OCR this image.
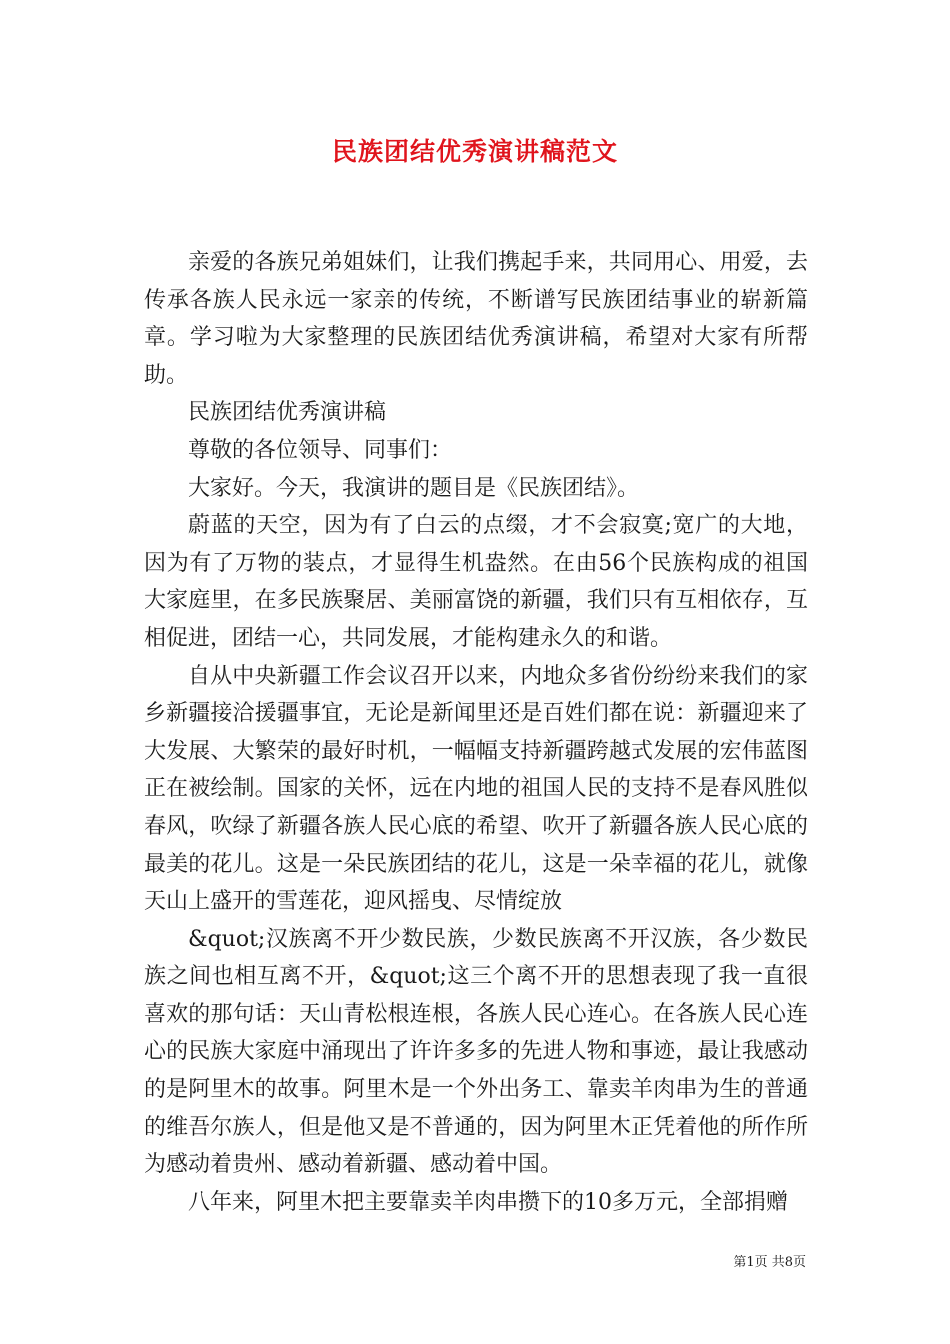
民族团结优秀演讲稿范文

亲爱的各族兄弟姐妹们，让我们携起手来，共同用心、用爱，去传承各族人民永远一家亲的传统，不断谱写民族团结事业的崭新篇章。学习啦为大家整理的民族团结优秀演讲稿，希望对大家有所帮助。

民族团结优秀演讲稿

尊敬的各位领导、同事们：

大家好。今天，我演讲的题目是《民族团结》。

蔚蓝的天空，因为有了白云的点缀，才不会寂寞;宽广的大地，因为有了万物的装点，才显得生机盎然。在由56个民族构成的祖国大家庭里，在多民族聚居、美丽富饶的新疆，我们只有互相依存，互相促进，团结一心，共同发展，才能构建永久的和谐。

自从中央新疆工作会议召开以来，内地众多省份纷纷来我们的家乡新疆接洽援疆事宜，无论是新闻里还是百姓们都在说：新疆迎来了大发展、大繁荣的最好时机，一幅幅支持新疆跨越式发展的宏伟蓝图正在被绘制。国家的关怀，远在内地的祖国人民的支持不是春风胜似春风，吹绿了新疆各族人民心底的希望、吹开了新疆各族人民心底的最美的花儿。这是一朵民族团结的花儿，这是一朵幸福的花儿，就像天山上盛开的雪莲花，迎风摇曳、尽情绽放

&quot;汉族离不开少数民族，少数民族离不开汉族，各少数民族之间也相互离不开，&quot;这三个离不开的思想表现了我一直很喜欢的那句话：天山青松根连根，各族人民心连心。在各族人民心连心的民族大家庭中涌现出了许许多多的先进人物和事迹，最让我感动的是阿里木的故事。阿里木是一个外出务工、靠卖羊肉串为生的普通的维吾尔族人，但是他又是不普通的，因为阿里木正凭着他的所作所为感动着贵州、感动着新疆、感动着中国。

八年来，阿里木把主要靠卖羊肉串攒下的10多万元，全部捐赠

第1页 共8页
